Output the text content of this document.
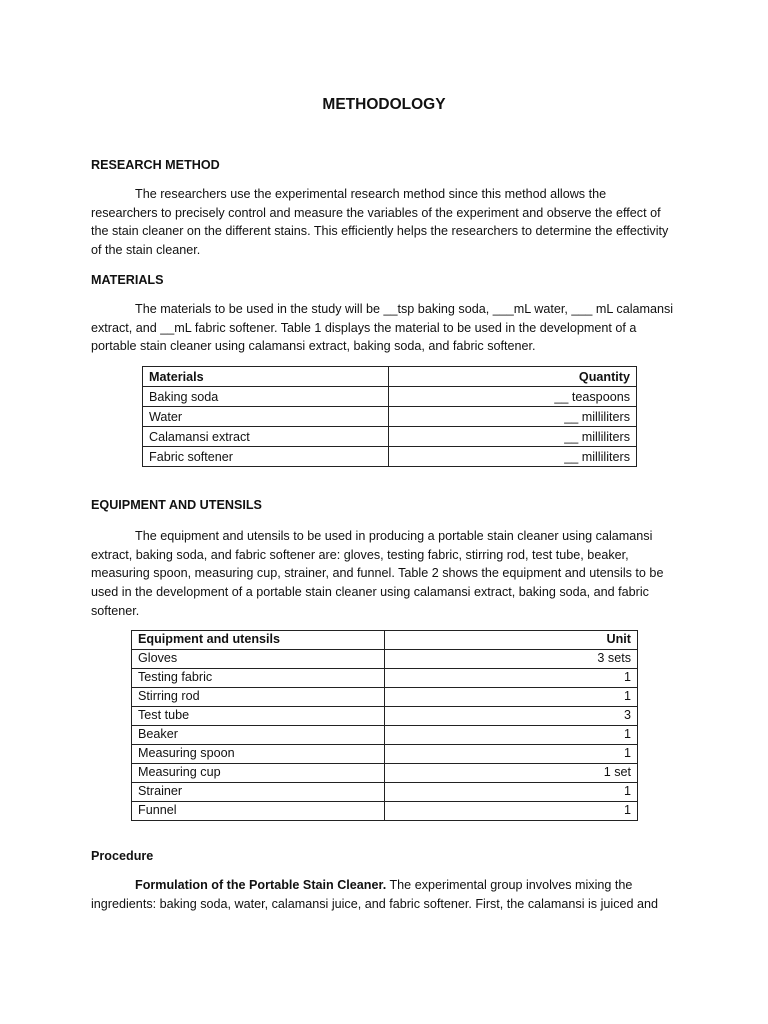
METHODOLOGY
RESEARCH METHOD

The researchers use the experimental research method since this method allows the researchers to precisely control and measure the variables of the experiment and observe the effect of the stain cleaner on the different stains. This efficiently helps the researchers to determine the effectivity of the stain cleaner.

MATERIALS

The materials to be used in the study will be __tsp baking soda, ___mL water, ___ mL calamansi extract, and __mL fabric softener. Table 1 displays the material to be used in the development of a portable stain cleaner using calamansi extract, baking soda, and fabric softener.

Materials	Quantity
Baking soda	__ teaspoons
Water	__ milliliters
Calamansi extract	__ milliliters
Fabric softener	__ milliliters
EQUIPMENT AND UTENSILS

The equipment and utensils to be used in producing a portable stain cleaner using calamansi extract, baking soda, and fabric softener are: gloves, testing fabric, stirring rod, test tube, beaker, measuring spoon, measuring cup, strainer, and funnel. Table 2 shows the equipment and utensils to be used in the development of a portable stain cleaner using calamansi extract, baking soda, and fabric softener.

Equipment and utensils	Unit
Gloves	3 sets
Testing fabric	1
Stirring rod	1
Test tube	3
Beaker	1
Measuring spoon	1
Measuring cup	1 set
Strainer	1
Funnel	1
Procedure

Formulation of the Portable Stain Cleaner. The experimental group involves mixing the ingredients: baking soda, water, calamansi juice, and fabric softener. First, the calamansi is juiced and
